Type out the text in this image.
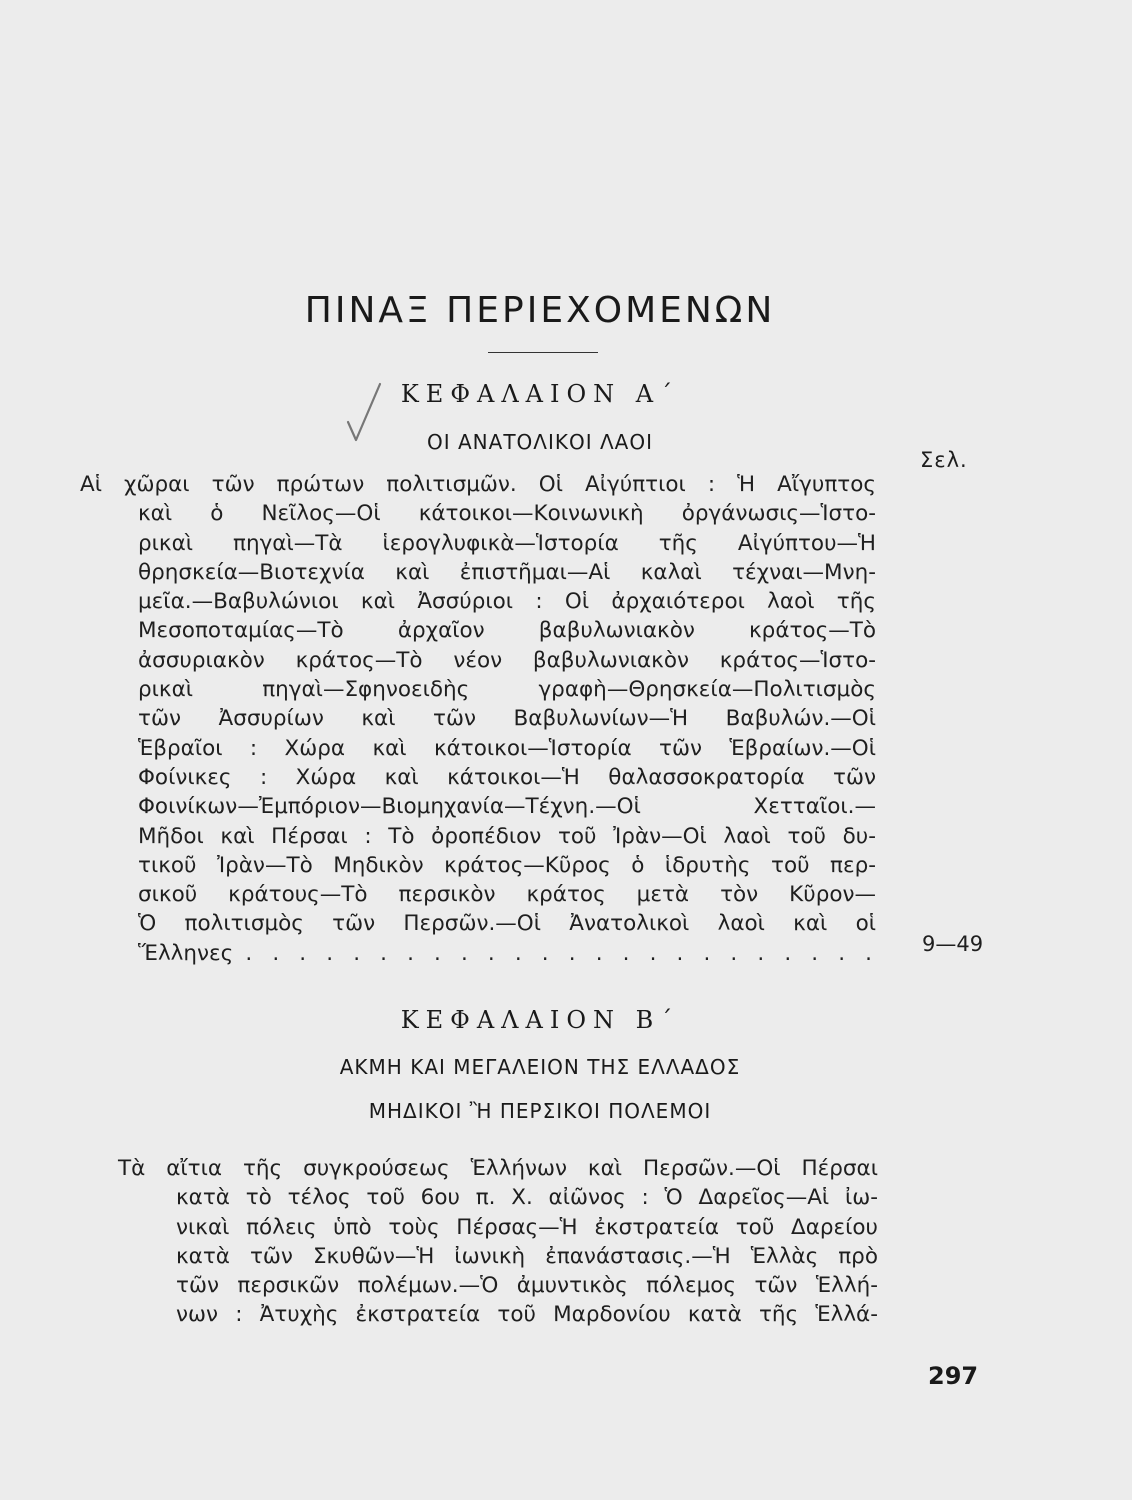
ΠΙΝΑΞ ΠΕΡΙΕΧΟΜΕΝΩΝ
ΚΕΦΑΛΑΙΟΝ Α΄
ΟΙ ΑΝΑΤΟΛΙΚΟΙ ΛΑΟΙ
Σελ.
Αἱ χῶραι τῶν πρώτων πολιτισμῶν. Οἱ Αἰγύπτιοι : Ἡ Αἴγυπτος
καὶ ὁ Νεῖλος—Οἱ κάτοικοι—Κοινωνικὴ ὀργάνωσις—Ἱστο-
ρικαὶ πηγαὶ—Τὰ ἱερογλυφικὰ—Ἱστορία τῆς Αἰγύπτου—Ἡ
θρησκεία—Βιοτεχνία καὶ ἐπιστῆμαι—Αἱ καλαὶ τέχναι—Μνη-
μεῖα.—Βαβυλώνιοι καὶ Ἀσσύριοι : Οἱ ἀρχαιότεροι λαοὶ τῆς
Μεσοποταμίας—Τὸ ἀρχαῖον βαβυλωνιακὸν κράτος—Τὸ
ἀσσυριακὸν κράτος—Τὸ νέον βαβυλωνιακὸν κράτος—Ἱστο-
ρικαὶ πηγαὶ—Σφηνοειδὴς γραφὴ—Θρησκεία—Πολιτισμὸς
τῶν Ἀσσυρίων καὶ τῶν Βαβυλωνίων—Ἡ Βαβυλών.—Οἱ
Ἑβραῖοι : Χώρα καὶ κάτοικοι—Ἱστορία τῶν Ἑβραίων.—Οἱ
Φοίνικες : Χώρα καὶ κάτοικοι—Ἡ θαλασσοκρατορία τῶν
Φοινίκων—Ἐμπόριον—Βιομηχανία—Τέχνη.—Οἱ Χετταῖοι.—
Μῆδοι καὶ Πέρσαι : Τὸ ὀροπέδιον τοῦ Ἰρὰν—Οἱ λαοὶ τοῦ δυ-
τικοῦ Ἰρὰν—Τὸ Μηδικὸν κράτος—Κῦρος ὁ ἱδρυτὴς τοῦ περ-
σικοῦ κράτους—Τὸ περσικὸν κράτος μετὰ τὸν Κῦρον—
Ὁ πολιτισμὸς τῶν Περσῶν.—Οἱ Ἀνατολικοὶ λαοὶ καὶ οἱ
Ἕλληνες . . . . . . . . . . . . . . . . . . . . . . . . 9—49
ΚΕΦΑΛΑΙΟΝ Β΄
ΑΚΜΗ ΚΑΙ ΜΕΓΑΛΕΙΟΝ ΤΗΣ ΕΛΛΑΔΟΣ
ΜΗΔΙΚΟΙ Ἢ ΠΕΡΣΙΚΟΙ ΠΟΛΕΜΟΙ
Τὰ αἴτια τῆς συγκρούσεως Ἑλλήνων καὶ Περσῶν.—Οἱ Πέρσαι
κατὰ τὸ τέλος τοῦ 6ου π. Χ. αἰῶνος : Ὁ Δαρεῖος—Αἱ ἰω-
νικαὶ πόλεις ὑπὸ τοὺς Πέρσας—Ἡ ἐκστρατεία τοῦ Δαρείου
κατὰ τῶν Σκυθῶν—Ἡ ἰωνικὴ ἐπανάστασις.—Ἡ Ἑλλὰς πρὸ
τῶν περσικῶν πολέμων.—Ὁ ἀμυντικὸς πόλεμος τῶν Ἑλλή-
νων : Ἀτυχὴς ἐκστρατεία τοῦ Μαρδονίου κατὰ τῆς Ἑλλά-
297
